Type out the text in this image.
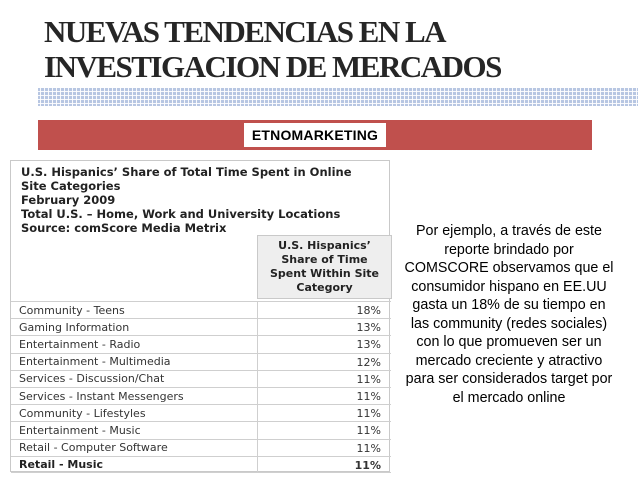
NUEVAS TENDENCIAS EN LA
INVESTIGACION DE MERCADOS
ETNOMARKETING
U.S. Hispanics’ Share of Total Time Spent in Online
Site Categories
February 2009
Total U.S. – Home, Work and University Locations
Source: comScore Media Metrix
U.S. Hispanics’
Share of Time
Spent Within Site
Category
Community - Teens	18%
Gaming Information	13%
Entertainment - Radio	13%
Entertainment - Multimedia	12%
Services - Discussion/Chat	11%
Services - Instant Messengers	11%
Community - Lifestyles	11%
Entertainment - Music	11%
Retail - Computer Software	11%
Retail - Music	11%
Por ejemplo, a través de este reporte brindado por COMSCORE observamos que el consumidor hispano en EE.UU gasta un 18% de su tiempo en las community (redes sociales) con lo que promueven ser un mercado creciente y atractivo para ser considerados target por el mercado online
